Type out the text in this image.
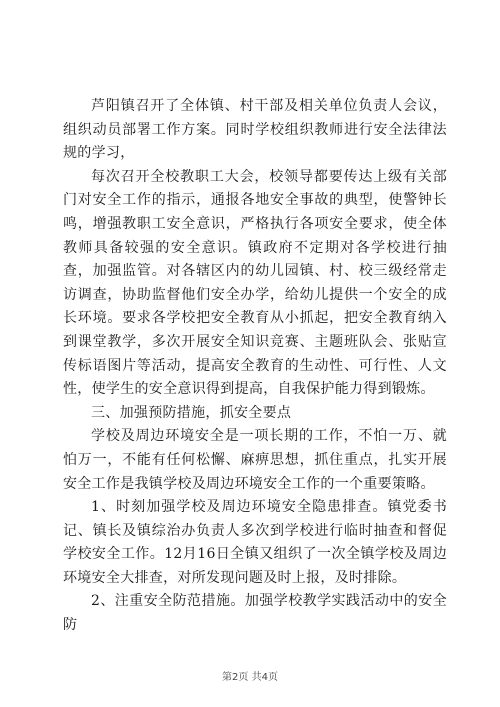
芦阳镇召开了全体镇、村干部及相关单位负责人会议，组织动员部署工作方案。同时学校组织教师进行安全法律法规的学习，

每次召开全校教职工大会，校领导都要传达上级有关部门对安全工作的指示，通报各地安全事故的典型，使警钟长鸣，增强教职工安全意识，严格执行各项安全要求，使全体教师具备较强的安全意识。镇政府不定期对各学校进行抽查，加强监管。对各辖区内的幼儿园镇、村、校三级经常走访调查，协助监督他们安全办学，给幼儿提供一个安全的成长环境。要求各学校把安全教育从小抓起，把安全教育纳入到课堂教学，多次开展安全知识竞赛、主题班队会、张贴宣传标语图片等活动，提高安全教育的生动性、可行性、人文性，使学生的安全意识得到提高，自我保护能力得到锻炼。

三、加强预防措施，抓安全要点

学校及周边环境安全是一项长期的工作，不怕一万、就怕万一，不能有任何松懈、麻痹思想，抓住重点，扎实开展安全工作是我镇学校及周边环境安全工作的一个重要策略。

1、时刻加强学校及周边环境安全隐患排查。镇党委书记、镇长及镇综治办负责人多次到学校进行临时抽查和督促学校安全工作。12月16日全镇又组织了一次全镇学校及周边环境安全大排查，对所发现问题及时上报，及时排除。

2、注重安全防范措施。加强学校教学实践活动中的安全防

第2页 共4页
